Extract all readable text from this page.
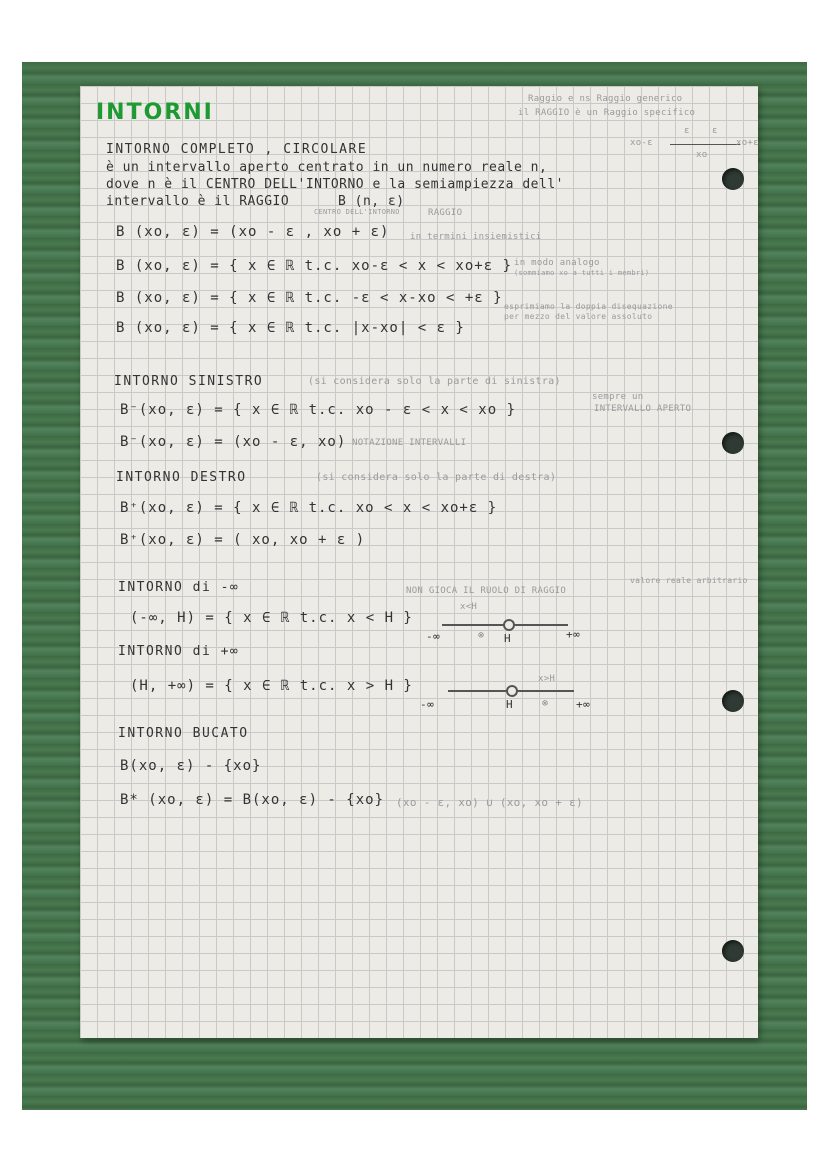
INTORNI
Raggio e ns Raggio generico
il RAGGIO è un Raggio specifico
xo-ε
ε ε
xo
xo+ε
INTORNO COMPLETO , CIRCOLARE
è un intervallo aperto centrato in un numero reale n,
dove n è il CENTRO DELL'INTORNO e la semiampiezza dell'
intervallo è il RAGGIO	B (n, ε)
CENTRO DELL'INTORNO	RAGGIO
B (xo, ε) = (xo - ε , xo + ε) in termini insiemistici
B (xo, ε) = { x ∈ ℝ t.c. xo-ε < x < xo+ε } in modo analogo
(sommiamo xo a tutti i membri)
B (xo, ε) = { x ∈ ℝ t.c. -ε < x-xo < +ε }
esprimiamo la doppia disequazione
per mezzo del valore assoluto
B (xo, ε) = { x ∈ ℝ t.c. |x-xo| < ε }
INTORNO SINISTRO	(si considera solo la parte di sinistra)
sempre un
INTERVALLO APERTO
B⁻(xo, ε) = { x ∈ ℝ t.c. xo - ε < x < xo }
B⁻(xo, ε) = (xo - ε, xo) NOTAZIONE INTERVALLI
INTORNO DESTRO	(si considera solo la parte di destra)
B⁺(xo, ε) = { x ∈ ℝ t.c. xo < x < xo+ε }
B⁺(xo, ε) = ( xo, xo + ε )
INTORNO di -∞	NON GIOCA IL RUOLO DI RAGGIO
valore reale arbitrario
(-∞, H) = { x ∈ ℝ t.c. x < H }
x<H
-∞	⊗ H	+∞
INTORNO di +∞
(H, +∞) = { x ∈ ℝ t.c. x > H }	x>H
-∞	H	⊗	+∞
INTORNO BUCATO
B(xo, ε) - {xo}
B* (xo, ε) = B(xo, ε) - {xo} (xo - ε, xo) ∪ (xo, xo + ε)
